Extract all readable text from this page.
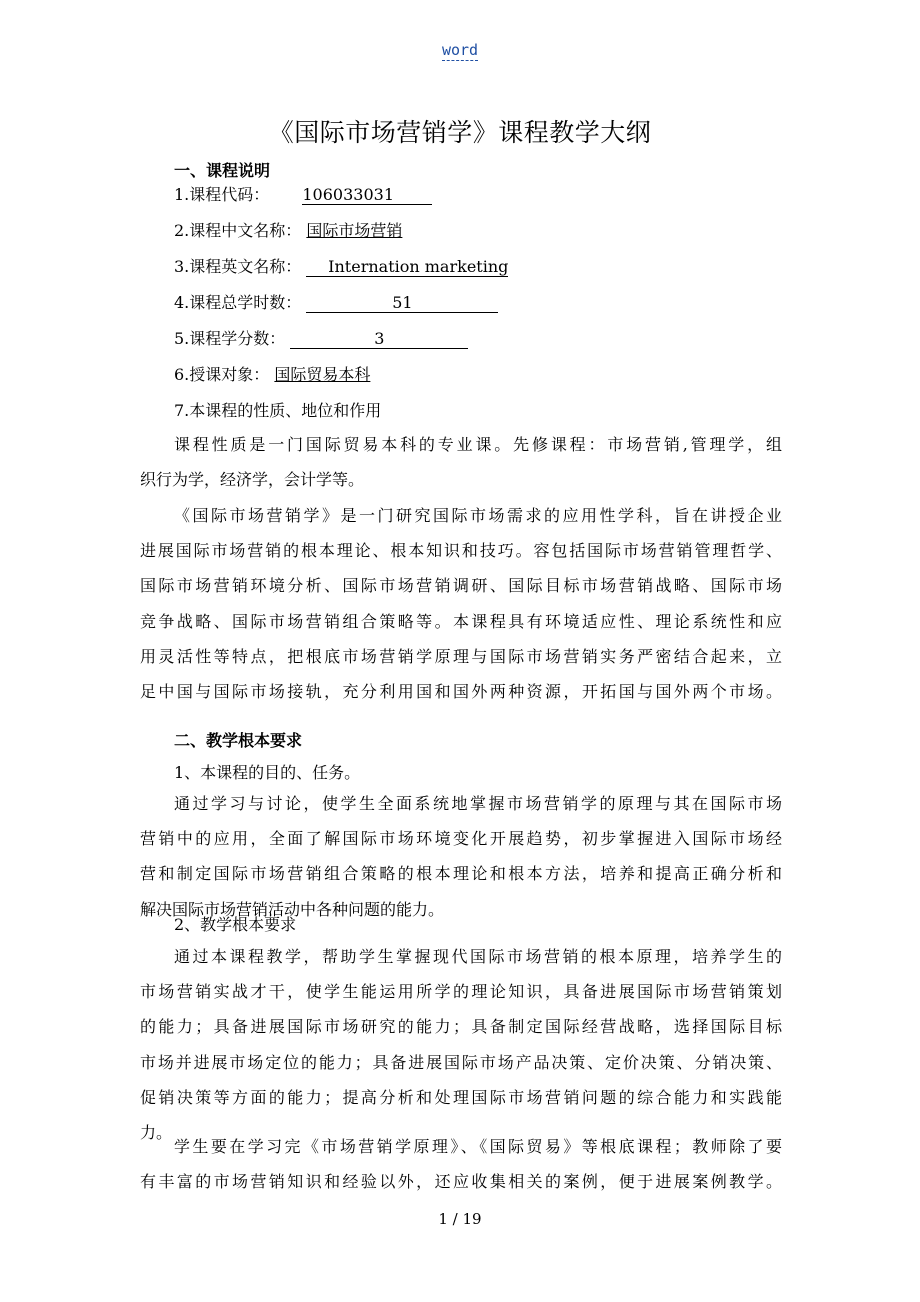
word
《国际市场营销学》课程教学大纲
一、课程说明
1.课程代码： 106033031
2.课程中文名称： 国际市场营销
3.课程英文名称： Internation marketing
4.课程总学时数：	51
5.课程学分数：	3
6.授课对象： 国际贸易本科
7.本课程的性质、地位和作用
课程性质是一门国际贸易本科的专业课。先修课程：市场营销,管理学，组
织行为学，经济学，会计学等。
《国际市场营销学》是一门研究国际市场需求的应用性学科，旨在讲授企业
进展国际市场营销的根本理论、根本知识和技巧。容包括国际市场营销管理哲学、
国际市场营销环境分析、国际市场营销调研、国际目标市场营销战略、国际市场
竞争战略、国际市场营销组合策略等。本课程具有环境适应性、理论系统性和应
用灵活性等特点，把根底市场营销学原理与国际市场营销实务严密结合起来，立
足中国与国际市场接轨，充分利用国和国外两种资源，开拓国与国外两个市场。
二、教学根本要求
1、本课程的目的、任务。
通过学习与讨论，使学生全面系统地掌握市场营销学的原理与其在国际市场
营销中的应用，全面了解国际市场环境变化开展趋势，初步掌握进入国际市场经
营和制定国际市场营销组合策略的根本理论和根本方法，培养和提高正确分析和
解决国际市场营销活动中各种问题的能力。
2、教学根本要求
通过本课程教学，帮助学生掌握现代国际市场营销的根本原理，培养学生的
市场营销实战才干，使学生能运用所学的理论知识，具备进展国际市场营销策划
的能力；具备进展国际市场研究的能力；具备制定国际经营战略，选择国际目标
市场并进展市场定位的能力；具备进展国际市场产品决策、定价决策、分销决策、
促销决策等方面的能力；提高分析和处理国际市场营销问题的综合能力和实践能
力。
学生要在学习完《市场营销学原理》、《国际贸易》等根底课程；教师除了要
有丰富的市场营销知识和经验以外，还应收集相关的案例，便于进展案例教学。
1 / 19
